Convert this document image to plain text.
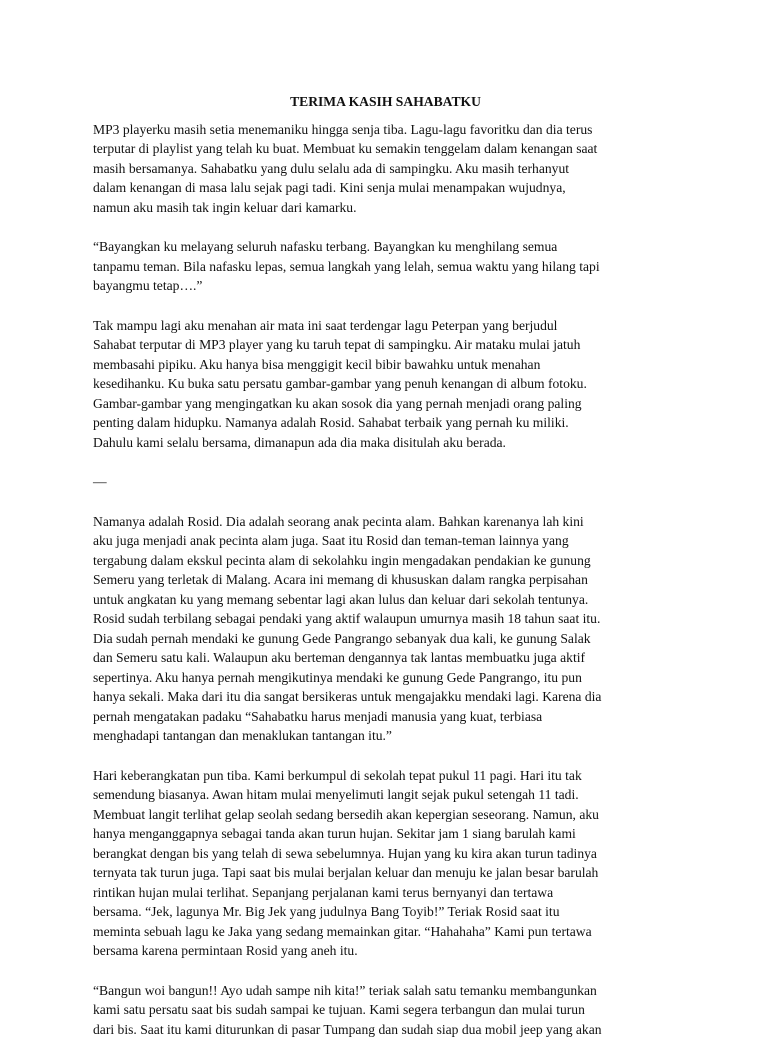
TERIMA KASIH SAHABATKU
MP3 playerku masih setia menemaniku hingga senja tiba. Lagu-lagu favoritku dan dia terus
terputar di playlist yang telah ku buat. Membuat ku semakin tenggelam dalam kenangan saat
masih bersamanya. Sahabatku yang dulu selalu ada di sampingku. Aku masih terhanyut
dalam kenangan di masa lalu sejak pagi tadi. Kini senja mulai menampakan wujudnya,
namun aku masih tak ingin keluar dari kamarku.
“Bayangkan ku melayang seluruh nafasku terbang. Bayangkan ku menghilang semua
tanpamu teman. Bila nafasku lepas, semua langkah yang lelah, semua waktu yang hilang tapi
bayangmu tetap….”
Tak mampu lagi aku menahan air mata ini saat terdengar lagu Peterpan yang berjudul
Sahabat terputar di MP3 player yang ku taruh tepat di sampingku. Air mataku mulai jatuh
membasahi pipiku. Aku hanya bisa menggigit kecil bibir bawahku untuk menahan
kesedihanku. Ku buka satu persatu gambar-gambar yang penuh kenangan di album fotoku.
Gambar-gambar yang mengingatkan ku akan sosok dia yang pernah menjadi orang paling
penting dalam hidupku. Namanya adalah Rosid. Sahabat terbaik yang pernah ku miliki.
Dahulu kami selalu bersama, dimanapun ada dia maka disitulah aku berada.
—
Namanya adalah Rosid. Dia adalah seorang anak pecinta alam. Bahkan karenanya lah kini
aku juga menjadi anak pecinta alam juga. Saat itu Rosid dan teman-teman lainnya yang
tergabung dalam ekskul pecinta alam di sekolahku ingin mengadakan pendakian ke gunung
Semeru yang terletak di Malang. Acara ini memang di khususkan dalam rangka perpisahan
untuk angkatan ku yang memang sebentar lagi akan lulus dan keluar dari sekolah tentunya.
Rosid sudah terbilang sebagai pendaki yang aktif walaupun umurnya masih 18 tahun saat itu.
Dia sudah pernah mendaki ke gunung Gede Pangrango sebanyak dua kali, ke gunung Salak
dan Semeru satu kali. Walaupun aku berteman dengannya tak lantas membuatku juga aktif
sepertinya. Aku hanya pernah mengikutinya mendaki ke gunung Gede Pangrango, itu pun
hanya sekali. Maka dari itu dia sangat bersikeras untuk mengajakku mendaki lagi. Karena dia
pernah mengatakan padaku “Sahabatku harus menjadi manusia yang kuat, terbiasa
menghadapi tantangan dan menaklukan tantangan itu.”
Hari keberangkatan pun tiba. Kami berkumpul di sekolah tepat pukul 11 pagi. Hari itu tak
semendung biasanya. Awan hitam mulai menyelimuti langit sejak pukul setengah 11 tadi.
Membuat langit terlihat gelap seolah sedang bersedih akan kepergian seseorang. Namun, aku
hanya menganggapnya sebagai tanda akan turun hujan. Sekitar jam 1 siang barulah kami
berangkat dengan bis yang telah di sewa sebelumnya. Hujan yang ku kira akan turun tadinya
ternyata tak turun juga. Tapi saat bis mulai berjalan keluar dan menuju ke jalan besar barulah
rintikan hujan mulai terlihat. Sepanjang perjalanan kami terus bernyanyi dan tertawa
bersama. “Jek, lagunya Mr. Big Jek yang judulnya Bang Toyib!” Teriak Rosid saat itu
meminta sebuah lagu ke Jaka yang sedang memainkan gitar. “Hahahaha” Kami pun tertawa
bersama karena permintaan Rosid yang aneh itu.
“Bangun woi bangun!! Ayo udah sampe nih kita!” teriak salah satu temanku membangunkan
kami satu persatu saat bis sudah sampai ke tujuan. Kami segera terbangun dan mulai turun
dari bis. Saat itu kami diturunkan di pasar Tumpang dan sudah siap dua mobil jeep yang akan
